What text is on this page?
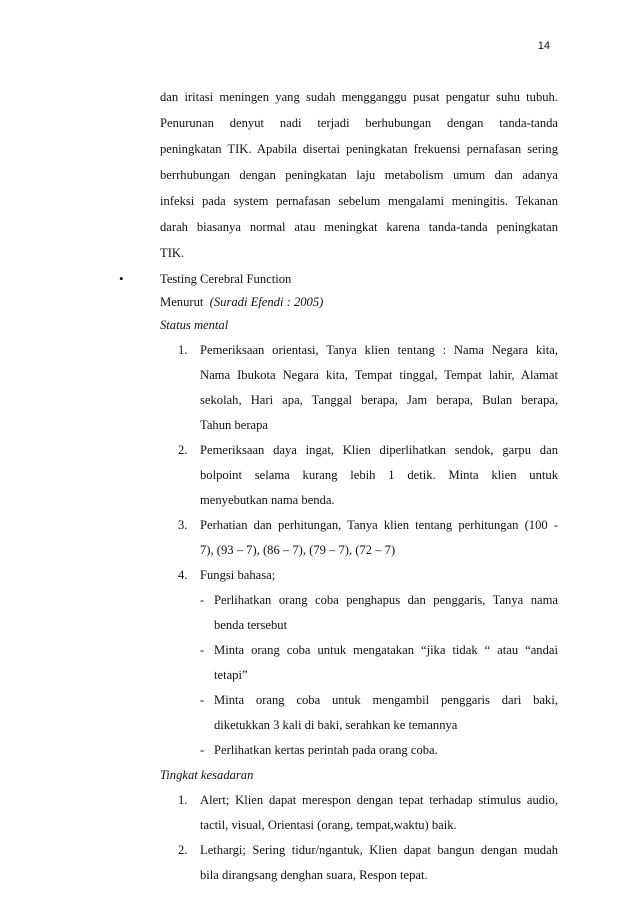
14
dan iritasi meningen yang sudah mengganggu pusat pengatur suhu tubuh.
Penurunan denyut nadi terjadi berhubungan dengan tanda-tanda
peningkatan TIK. Apabila disertai peningkatan frekuensi pernafasan sering
berrhubungan dengan peningkatan laju metabolism umum dan adanya
infeksi pada system pernafasan sebelum mengalami meningitis. Tekanan
darah biasanya normal atau meningkat karena tanda-tanda peningkatan
TIK.
•	Testing Cerebral Function
Menurut (Suradi Efendi : 2005)
Status mental
1. Pemeriksaan orientasi, Tanya klien tentang : Nama Negara kita,
Nama Ibukota Negara kita, Tempat tinggal, Tempat lahir, Alamat
sekolah, Hari apa, Tanggal berapa, Jam berapa, Bulan berapa,
Tahun berapa
2. Pemeriksaan daya ingat, Klien diperlihatkan sendok, garpu dan
bolpoint selama kurang lebih 1 detik. Minta klien untuk
menyebutkan nama benda.
3. Perhatian dan perhitungan, Tanya klien tentang perhitungan (100 -
7), (93 – 7), (86 – 7), (79 – 7), (72 – 7)
4. Fungsi bahasa;
- Perlihatkan orang coba penghapus dan penggaris, Tanya nama
benda tersebut
- Minta orang coba untuk mengatakan “jika tidak “ atau “andai
tetapi”
- Minta orang coba untuk mengambil penggaris dari baki,
diketukkan 3 kali di baki, serahkan ke temannya
- Perlihatkan kertas perintah pada orang coba.
Tingkat kesadaran
1. Alert; Klien dapat merespon dengan tepat terhadap stimulus audio,
tactil, visual, Orientasi (orang, tempat,waktu) baik.
2. Lethargi; Sering tidur/ngantuk, Klien dapat bangun dengan mudah
bila dirangsang denghan suara, Respon tepat.
